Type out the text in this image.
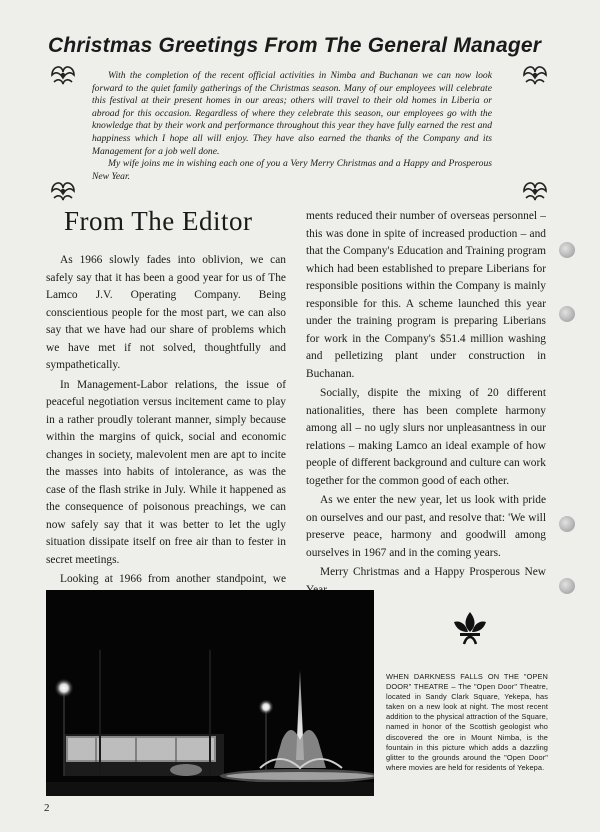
Christmas Greetings From The General Manager

With the completion of the recent official activities in Nimba and Buchanan we can now look forward to the quiet family gatherings of the Christmas season. Many of our employees will celebrate this festival at their present homes in our areas; others will travel to their old homes in Liberia or abroad for this occasion. Regardless of where they celebrate this season, our employees go with the knowledge that by their work and performance throughout this year they have fully earned the rest and happiness which I hope all will enjoy. They have also earned the thanks of the Company and its Management for a job well done.

My wife joins me in wishing each one of you a Very Merry Christmas and a Happy and Prosperous New Year.

From The Editor

As 1966 slowly fades into oblivion, we can safely say that it has been a good year for us of The Lamco J.V. Operating Company. Being conscientious people for the most part, we can also say that we have had our share of problems which we have met if not solved, thoughtfully and sympathetically.

In Management-Labor relations, the issue of peaceful negotiation versus incitement came to play in a rather proudly tolerant manner, simply because within the margins of quick, social and economic changes in society, malevolent men are apt to incite the masses into habits of intolerance, as was the case of the flash strike in July. While it happened as the consequence of poisonous preachings, we can now safely say that it was better to let the ugly situation dissipate itself on free air than to fester in secret meetings.

Looking at 1966 from another standpoint, we

ments reduced their number of overseas personnel – this was done in spite of increased production – and that the Company's Education and Training program which had been established to prepare Liberians for responsible positions within the Company is mainly responsible for this. A scheme launched this year under the training program is preparing Liberians for work in the Company's $51.4 million washing and pelletizing plant under construction in Buchanan.

Socially, dispite the mixing of 20 different nationalities, there has been complete harmony among all – no ugly slurs nor unpleasantness in our relations – making Lamco an ideal example of how people of different background and culture can work together for the common good of each other.

As we enter the new year, let us look with pride on ourselves and our past, and resolve that: 'We will preserve peace, harmony and goodwill among ourselves in 1967 and in the coming years.

Merry Christmas and a Happy Prosperous New

WHEN DARKNESS FALLS ON THE "OPEN DOOR" THEATRE – The "Open Door" Theatre, located in Sandy Clark Square, Yekepa, has taken on a new look at night. The most recent addition to the physical attraction of the Square, named in honor of the Scottish geologist who discovered the ore in Mount Nimba, is the fountain in this picture which adds a dazzling glitter to the grounds around the "Open Door" where movies are held for residents of Yekepa.
2
